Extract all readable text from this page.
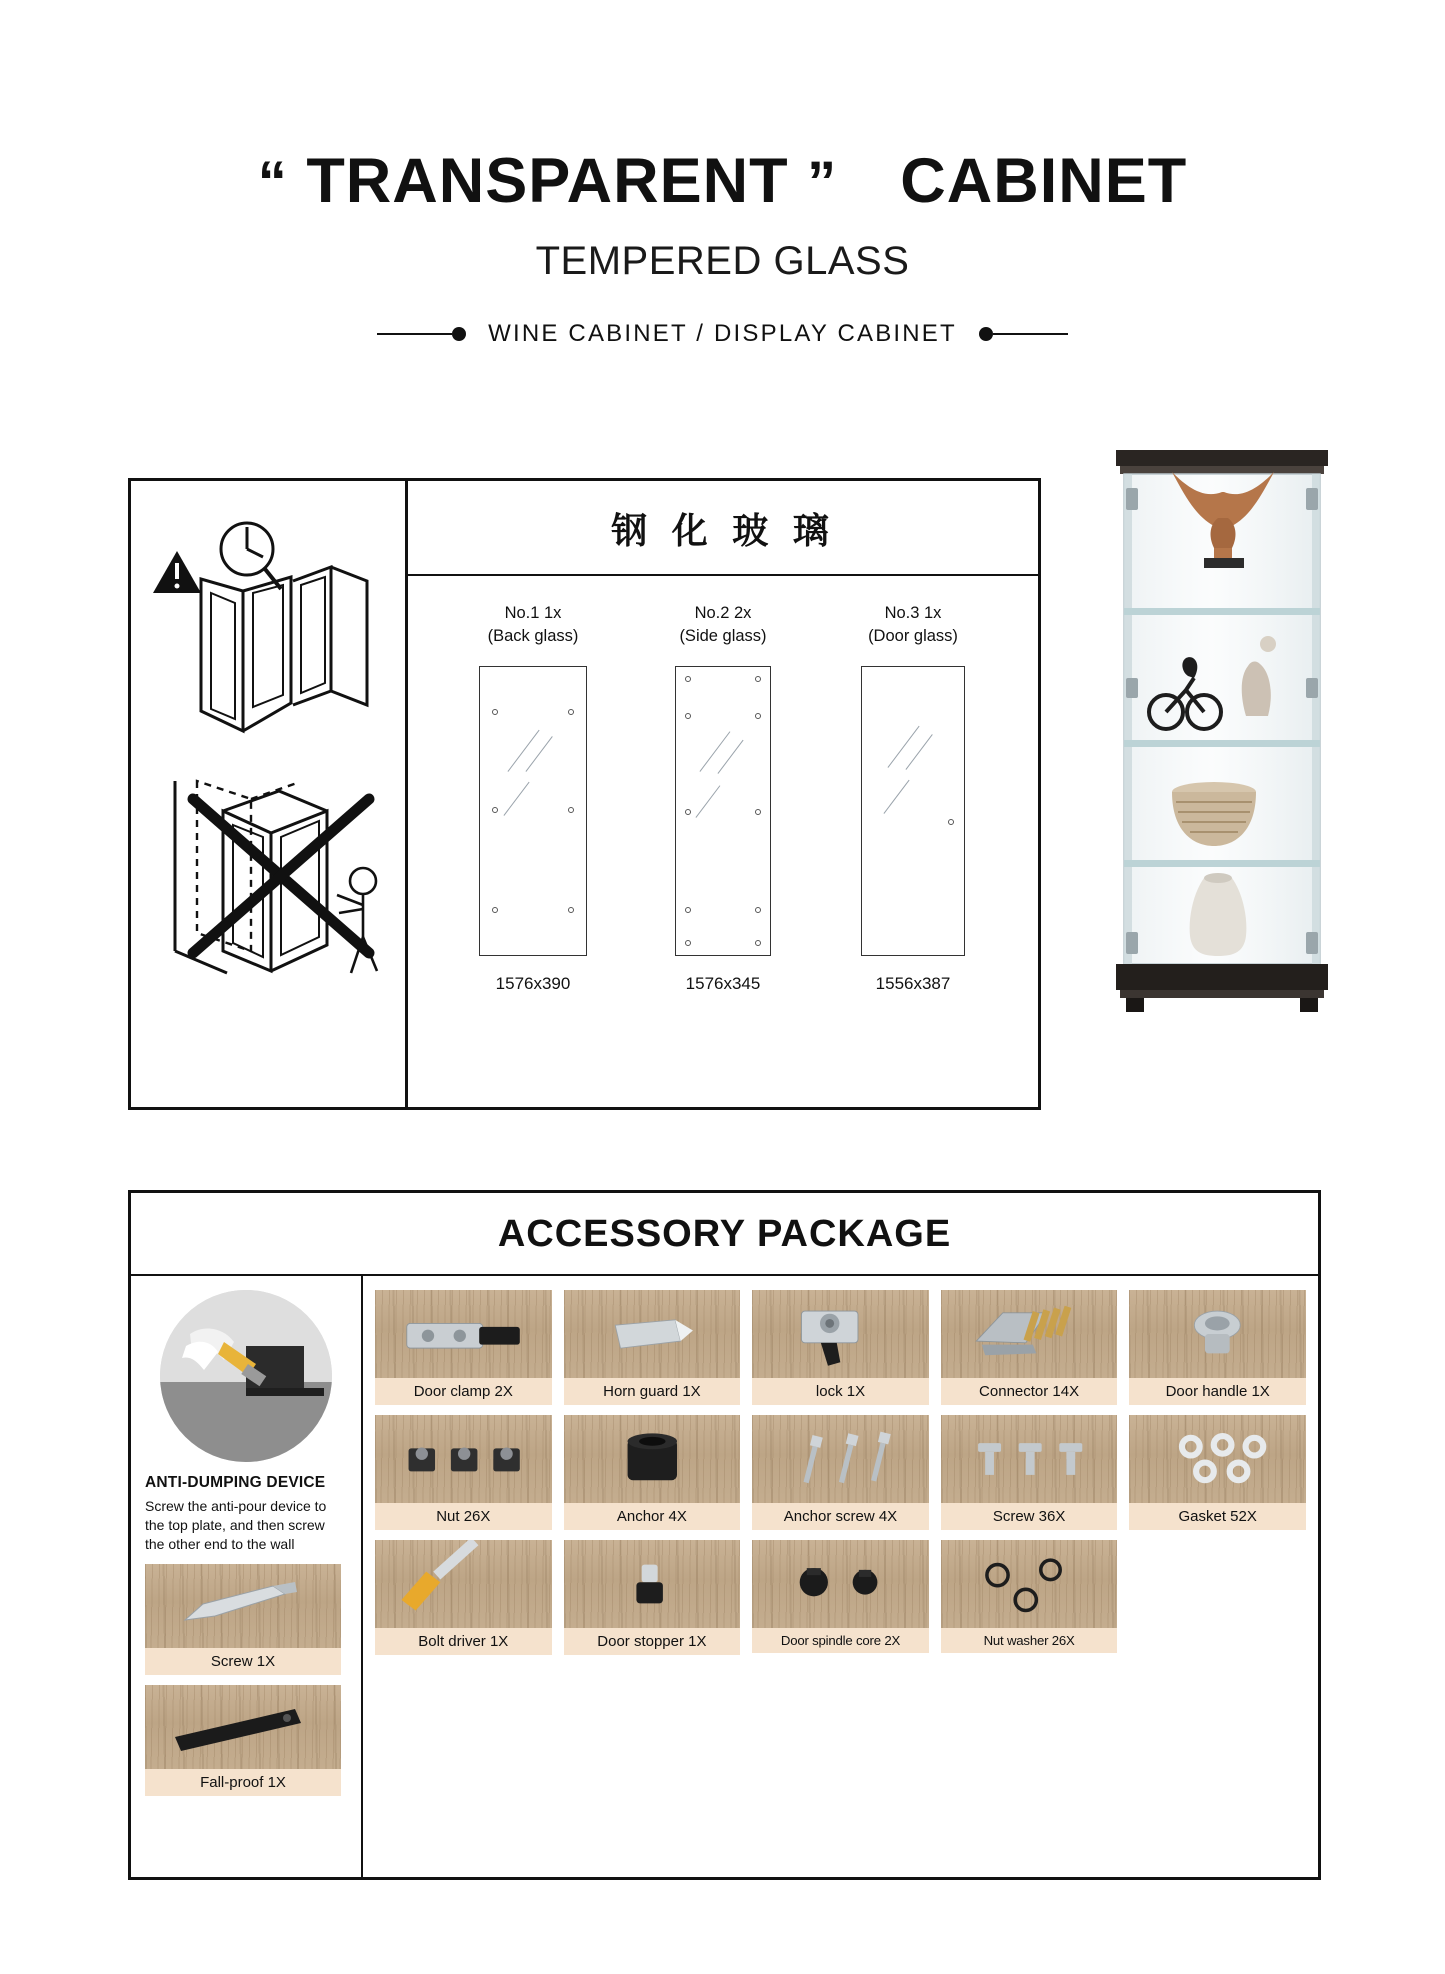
“ TRANSPARENT ” CABINET
TEMPERED GLASS
WINE CABINET / DISPLAY CABINET
钢 化 玻 璃
No.1 1x
(Back glass)
1576x390
No.2 2x
(Side glass)
1576x345
No.3 1x
(Door glass)
1556x387
ACCESSORY PACKAGE
ANTI-DUMPING DEVICE
Screw the anti-pour device to the top plate, and then screw the other end to the wall
Screw 1X
Fall-proof 1X
Door clamp 2X	Horn guard 1X	lock 1X	Connector 14X	Door handle 1X
Nut 26X	Anchor 4X	Anchor screw 4X	Screw 36X	Gasket 52X
Bolt driver 1X	Door stopper 1X	Door spindle core 2X	Nut washer 26X
